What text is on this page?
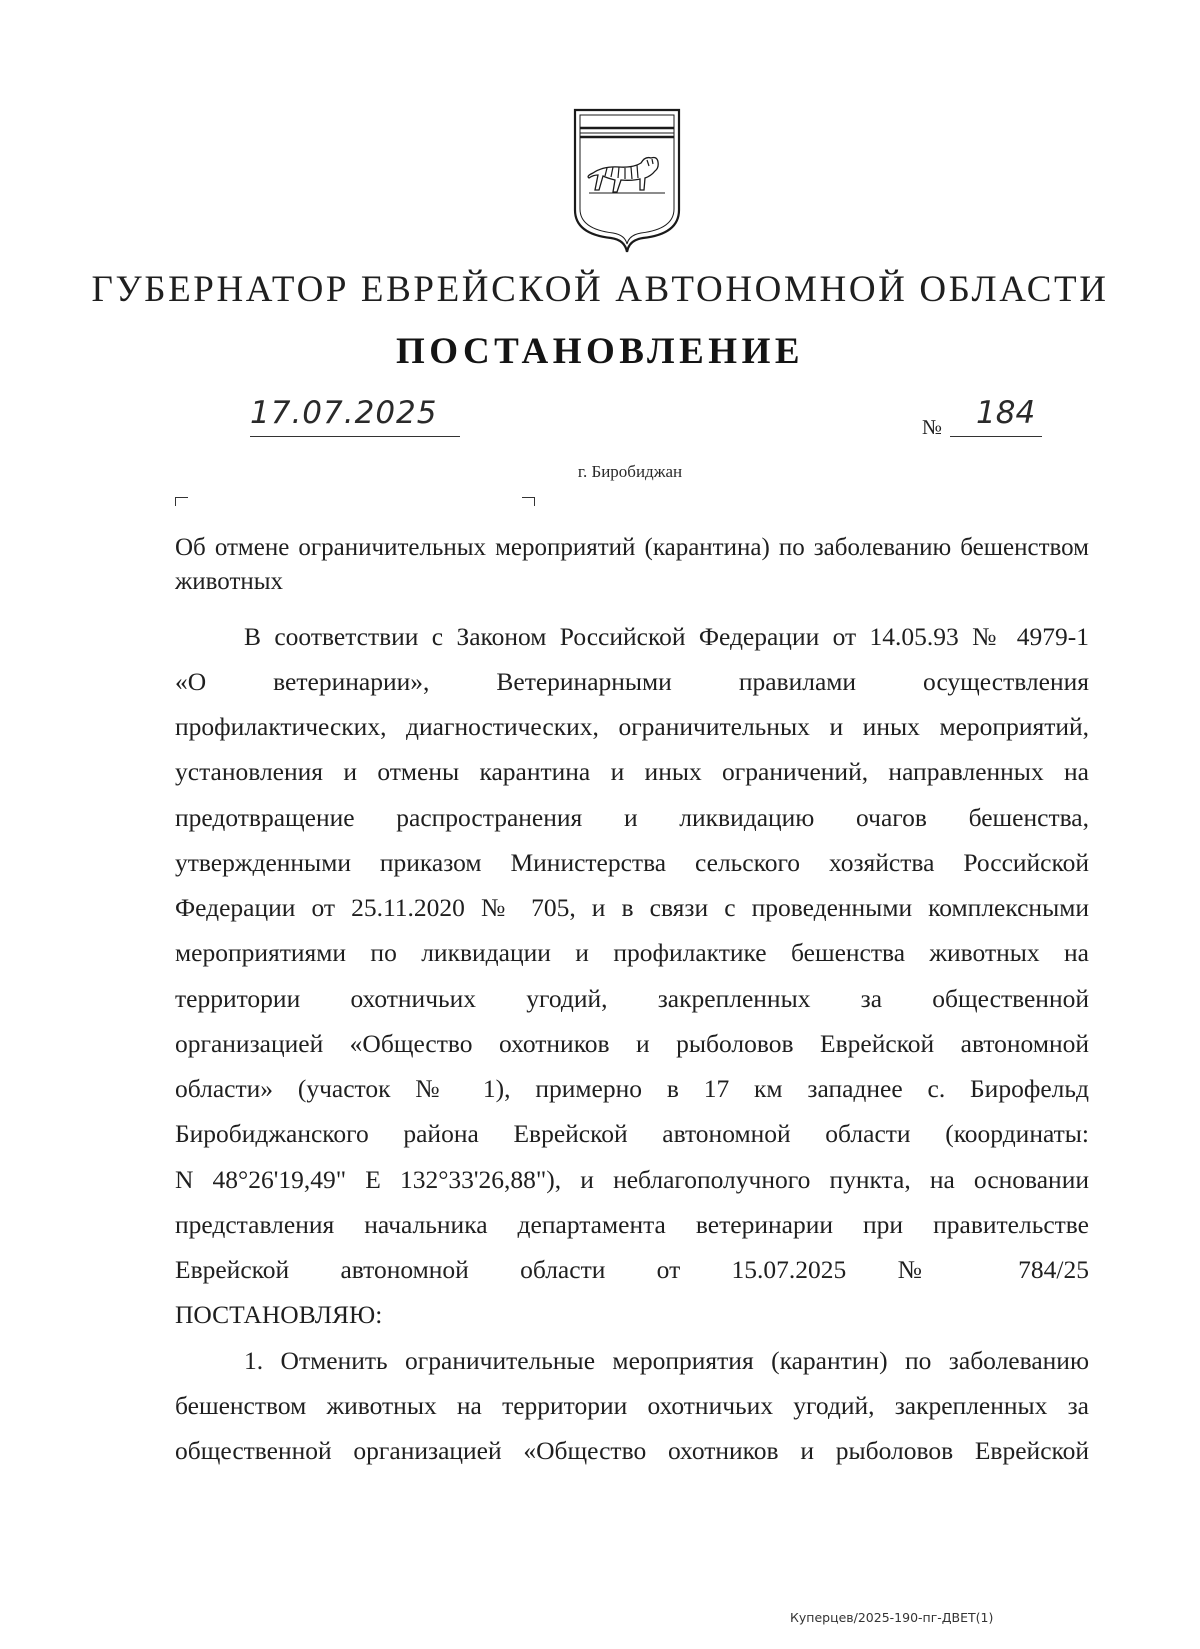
ГУБЕРНАТОР ЕВРЕЙСКОЙ АВТОНОМНОЙ ОБЛАСТИ
ПОСТАНОВЛЕНИЕ
17.07.2025	№ 184
г. Биробиджан
Об отмене ограничительных мероприятий (карантина) по заболеванию бешенством животных
В соответствии с Законом Российской Федерации от 14.05.93 № 4979-1
«О ветеринарии», Ветеринарными правилами осуществления
профилактических, диагностических, ограничительных и иных мероприятий,
установления и отмены карантина и иных ограничений, направленных на
предотвращение распространения и ликвидацию очагов бешенства,
утвержденными приказом Министерства сельского хозяйства Российской
Федерации от 25.11.2020 № 705, и в связи с проведенными комплексными
мероприятиями по ликвидации и профилактике бешенства животных на
территории охотничьих угодий, закрепленных за общественной
организацией «Общество охотников и рыболовов Еврейской автономной
области» (участок № 1), примерно в 17 км западнее с. Бирофельд
Биробиджанского района Еврейской автономной области (координаты:
N 48°26'19,49" E 132°33'26,88"), и неблагополучного пункта, на основании
представления начальника департамента ветеринарии при правительстве
Еврейской автономной области от 15.07.2025 № 784/25
ПОСТАНОВЛЯЮ:
1. Отменить ограничительные мероприятия (карантин) по заболеванию
бешенством животных на территории охотничьих угодий, закрепленных за
общественной организацией «Общество охотников и рыболовов Еврейской
Куперцев/2025-190-пг-ДВЕТ(1)
